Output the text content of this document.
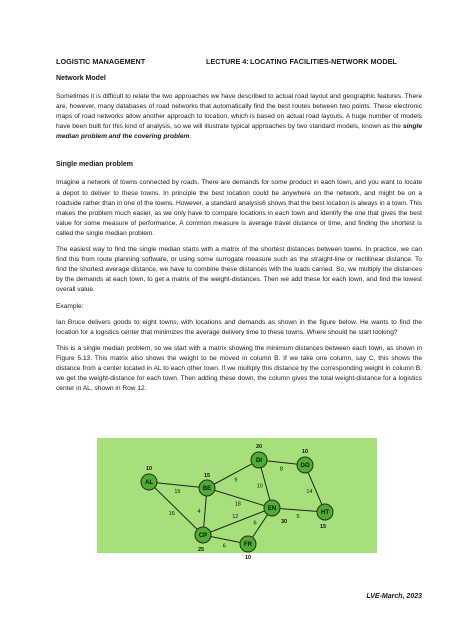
LOGISTIC MANAGEMENT	LECTURE 4: LOCATING FACILITIES-NETWORK MODEL
Network Model

Sometimes it is difficult to relate the two approaches we have described to actual road layout and geographic features. There are, however, many databases of road networks that automatically find the best routes between two points. These electronic maps of road networks allow another approach to location, which is based on actual road layouts. A huge number of models have been built for this kind of analysis, so we will illustrate typical approaches by two standard models, known as the single median problem and the covering problem.

Single median problem

Imagine a network of towns connected by roads. There are demands for some product in each town, and you want to locate a depot to deliver to these towns. In principle the best location could be anywhere on the network, and might be on a roadside rather than in one of the towns. However, a standard analysis6 shows that the best location is always in a town. This makes the problem much easier, as we only have to compare locations in each town and identify the one that gives the best value for some measure of performance. A common measure is average travel distance or time, and finding the shortest is called the single median problem.

The easiest way to find the single median starts with a matrix of the shortest distances between towns. In practice, we can find this from route planning software, or using some surrogate measure such as the straight-line or rectilinear distance. To find the shortest average distance, we have to combine these distances with the loads carried. So, we multiply the distances by the demands at each town, to get a matrix of the weight-distances. Then we add these for each town, and find the lowest overall value.

Example:

Ian Bruce delivers goods to eight towns, with locations and demands as shown in the figure below. He wants to find the location for a logistics center that minimizes the average delivery time to these towns. Where should he start looking?

This is a single median problem, so we start with a matrix showing the minimum distances between each town, as shown in Figure 5.13. This matrix also shows the weight to be moved in column B. If we take one column, say C, this shows the distance from a center located in AL to each other town. If we multiply this distance by the corresponding weight in column B, we get the weight-distance for each town. Then adding these down, the column gives the total weight-distance for a logistics center in AL, shown in Row 12.

15
9
8
14
10
5
4
16
6
6
12
18
AL
10
BE
15
DI
20
GO
10
EN
30
HT
15
CP
25
FR
10
LVE-March, 2023
